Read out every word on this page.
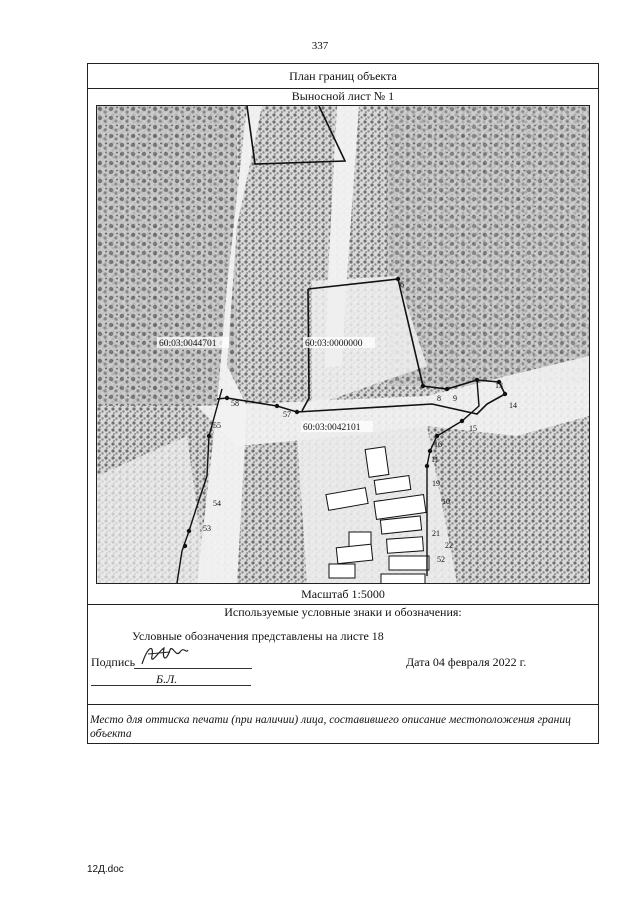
337
План границ объекта
Выносной лист № 1
6
8 9
13
14
15
16
11
19
10
21
22
52
57
58
55
54
53
60:03:0044701	60:03:0000000
60:03:0042101
Масштаб 1:5000
Используемые условные знаки и обозначения:
Условные обозначения представлены на листе 18
Подпись
Б.Л.
Дата 04 февраля 2022 г.
Место для оттиска печати (при наличии) лица, составившего описание местоположения границ объекта
12Д.doc
